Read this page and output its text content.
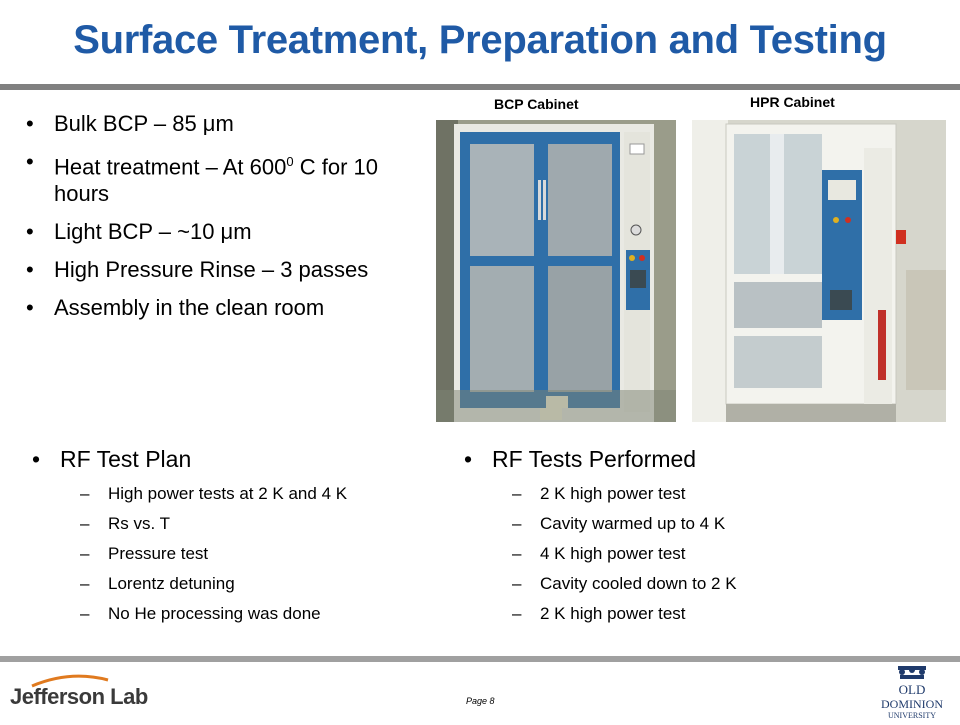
Surface Treatment, Preparation and Testing
• Bulk BCP – 85 μm
• Heat treatment – At $600^0$ C for 10 hours
• Light BCP – ~10 μm
• High Pressure Rinse – 3 passes
• Assembly in the clean room
BCP Cabinet	HPR Cabinet
• RF Test Plan
– High power tests at 2 K and 4 K
– Rs vs. T
– Pressure test
– Lorentz detuning
– No He processing was done
• RF Tests Performed
– 2 K high power test
– Cavity warmed up to 4 K
– 4 K high power test
– Cavity cooled down to 2 K
– 2 K high power test
Jefferson Lab	Page 8
OLD
DOMINION
UNIVERSITY
